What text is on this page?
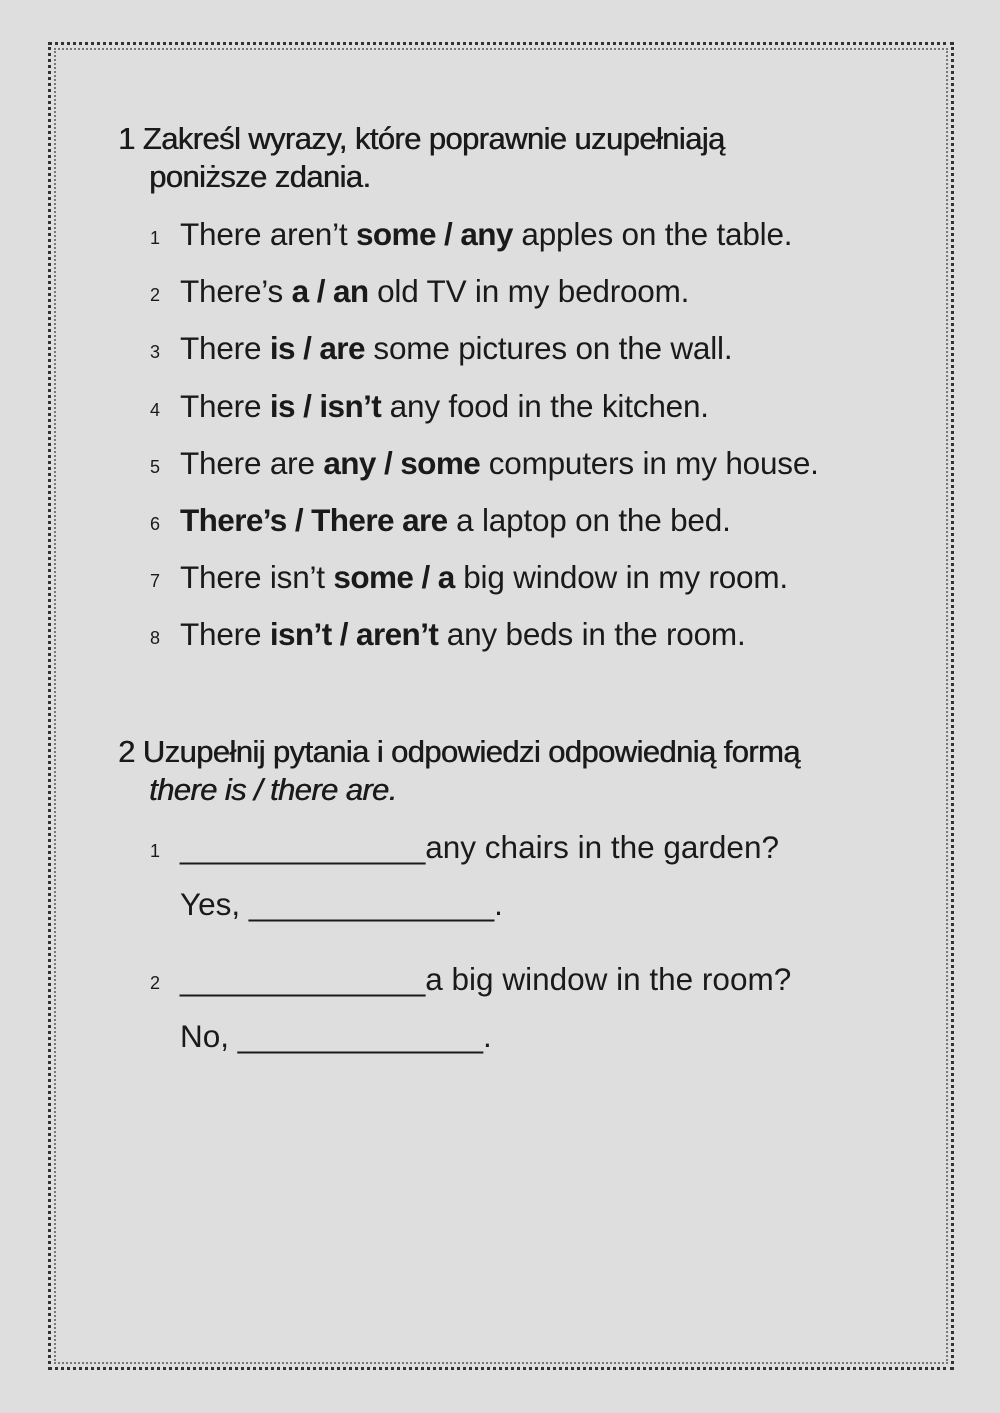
1 Zakreśl wyrazy, które poprawnie uzupełniają
poniższe zdania.
1 There aren’t some / any apples on the table.
2 There’s a / an old TV in my bedroom.
3 There is / are some pictures on the wall.
4 There is / isn’t any food in the kitchen.
5 There are any / some computers in my house.
6 There’s / There are a laptop on the bed.
7 There isn’t some / a big window in my room.
8 There isn’t / aren’t any beds in the room.
2 Uzupełnij pytania i odpowiedzi odpowiednią formą
there is / there are.
1 ______________any chairs in the garden?
Yes, ______________.
2 ______________a big window in the room?
No, ______________.
